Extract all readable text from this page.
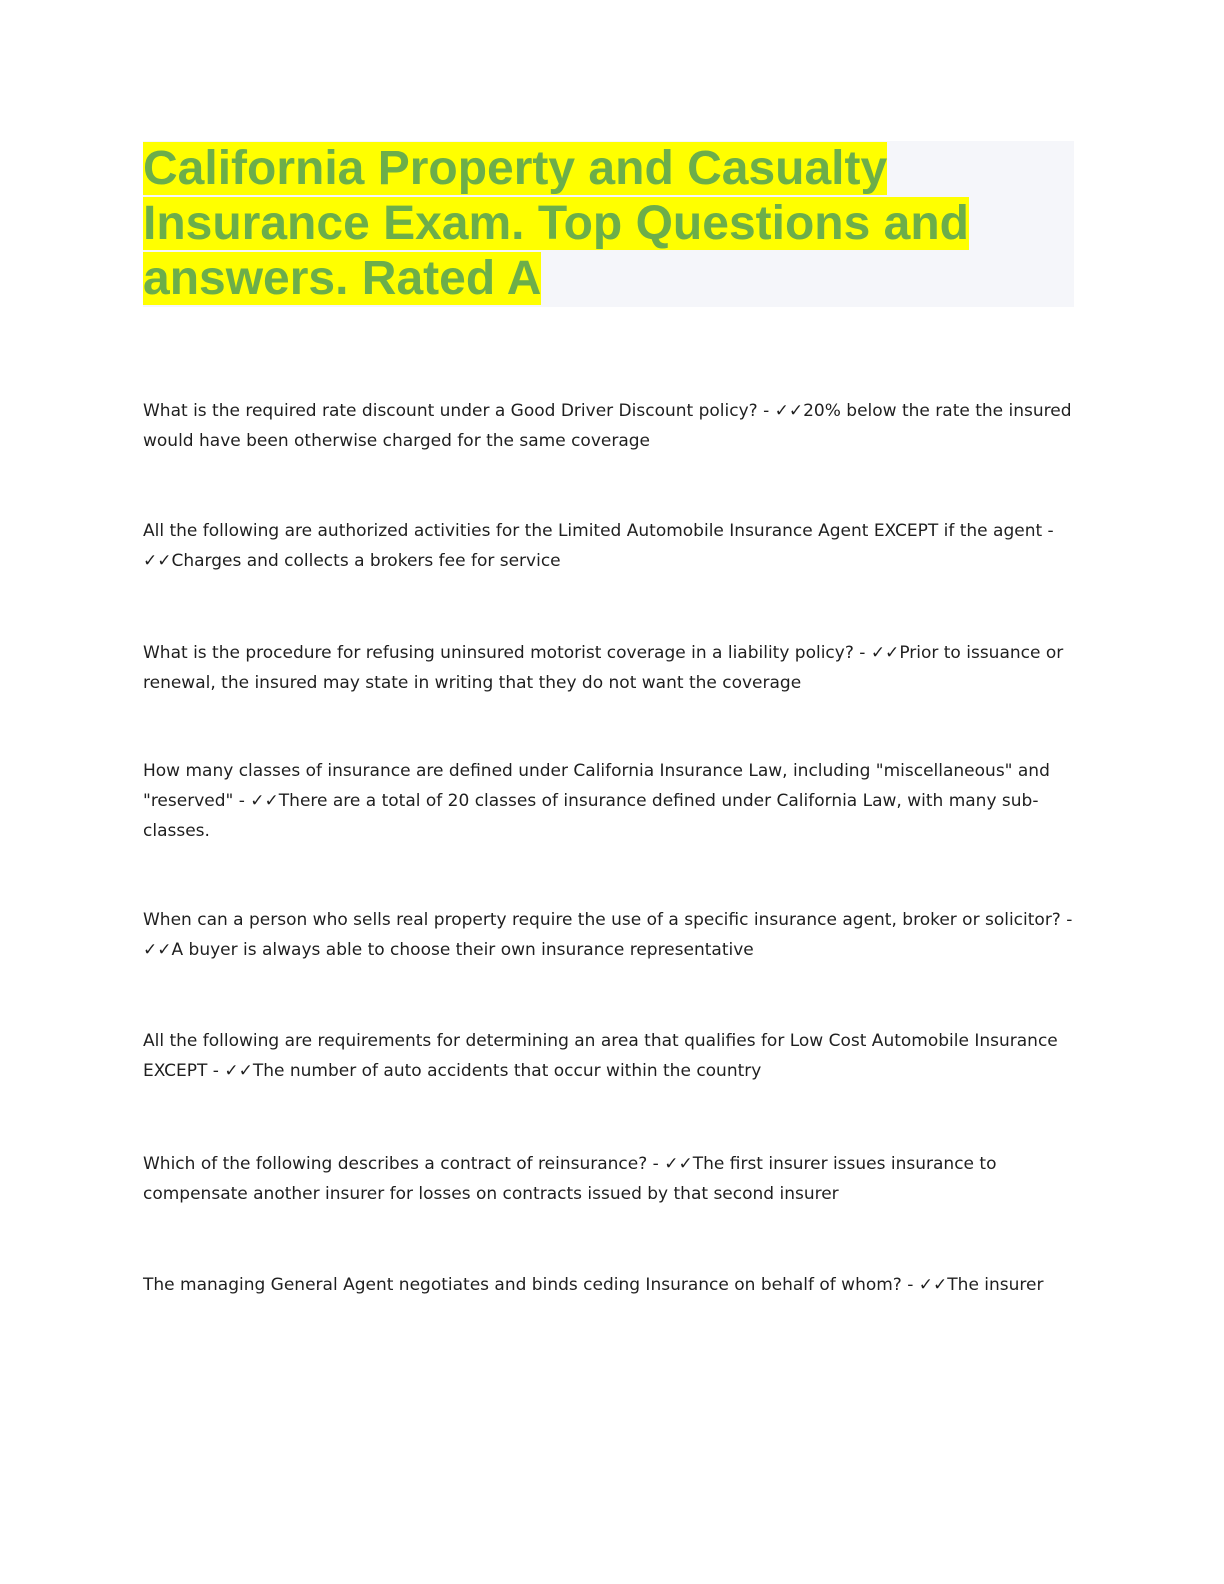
California Property and Casualty
Insurance Exam. Top Questions and
answers. Rated A

What is the required rate discount under a Good Driver Discount policy? - ✓✓20% below the rate the insured would have been otherwise charged for the same coverage

All the following are authorized activities for the Limited Automobile Insurance Agent EXCEPT if the agent - ✓✓Charges and collects a brokers fee for service

What is the procedure for refusing uninsured motorist coverage in a liability policy? - ✓✓Prior to issuance or renewal, the insured may state in writing that they do not want the coverage

How many classes of insurance are defined under California Insurance Law, including "miscellaneous" and "reserved" - ✓✓There are a total of 20 classes of insurance defined under California Law, with many sub-classes.

When can a person who sells real property require the use of a specific insurance agent, broker or solicitor? - ✓✓A buyer is always able to choose their own insurance representative

All the following are requirements for determining an area that qualifies for Low Cost Automobile Insurance EXCEPT - ✓✓The number of auto accidents that occur within the country

Which of the following describes a contract of reinsurance? - ✓✓The first insurer issues insurance to compensate another insurer for losses on contracts issued by that second insurer

The managing General Agent negotiates and binds ceding Insurance on behalf of whom? - ✓✓The insurer
